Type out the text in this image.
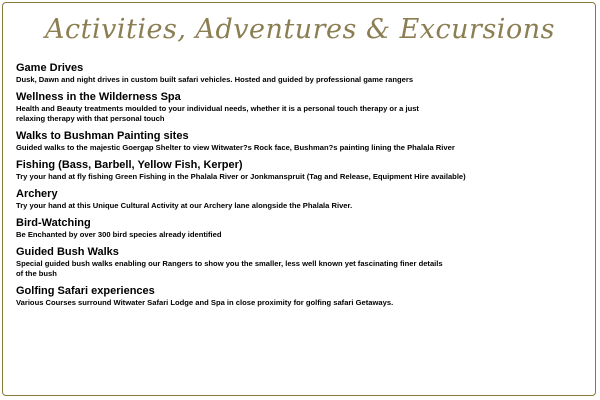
Activities, Adventures & Excursions
Game Drives
Dusk, Dawn and night drives in custom built safari vehicles. Hosted and guided by professional game rangers
Wellness in the Wilderness Spa
Health and Beauty treatments moulded to your individual needs, whether it is a personal touch therapy or a just
relaxing therapy with that personal touch
Walks to Bushman Painting sites
Guided walks to the majestic Goergap Shelter to view Witwater?s Rock face, Bushman?s painting lining the Phalala River
Fishing (Bass, Barbell, Yellow Fish, Kerper)
Try your hand at fly fishing Green Fishing in the Phalala River or Jonkmanspruit (Tag and Release, Equipment Hire available)
Archery
Try your hand at this Unique Cultural Activity at our Archery lane alongside the Phalala River.
Bird-Watching
Be Enchanted by over 300 bird species already identified
Guided Bush Walks
Special guided bush walks enabling our Rangers to show you the smaller, less well known yet fascinating finer details
of the bush
Golfing Safari experiences
Various Courses surround Witwater Safari Lodge and Spa in close proximity for golfing safari Getaways.
